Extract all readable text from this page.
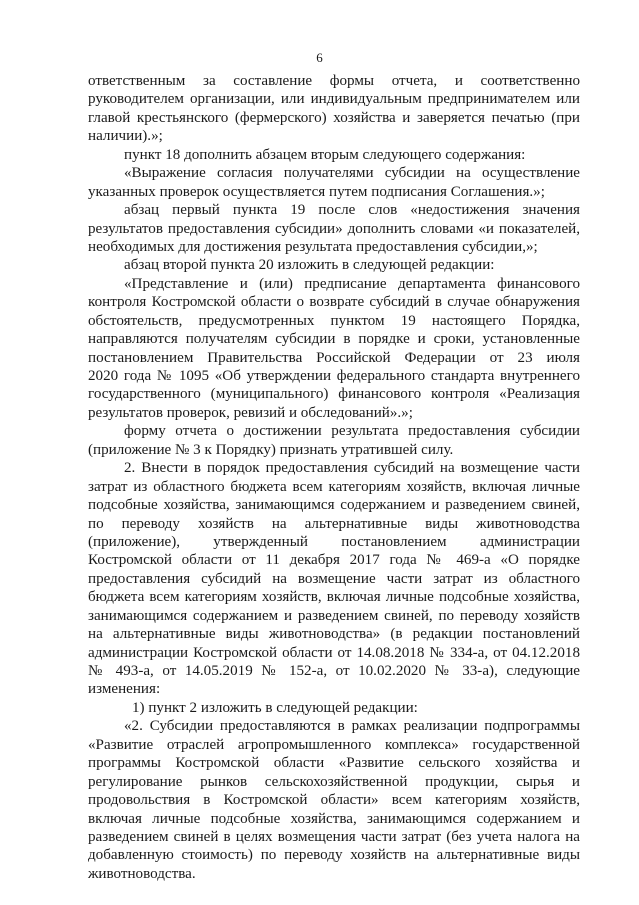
6
ответственным за составление формы отчета, и соответственно
руководителем организации, или индивидуальным предпринимателем или
главой крестьянского (фермерского) хозяйства и заверяется печатью (при
наличии).»;
пункт 18 дополнить абзацем вторым следующего содержания:
«Выражение согласия получателями субсидии на осуществление
указанных проверок осуществляется путем подписания Соглашения.»;
абзац первый пункта 19 после слов «недостижения значения
результатов предоставления субсидии» дополнить словами «и показателей,
необходимых для достижения результата предоставления субсидии,»;
абзац второй пункта 20 изложить в следующей редакции:
«Представление и (или) предписание департамента финансового
контроля Костромской области о возврате субсидий в случае обнаружения
обстоятельств, предусмотренных пунктом 19 настоящего Порядка,
направляются получателям субсидии в порядке и сроки, установленные
постановлением Правительства Российской Федерации от 23 июля
2020 года № 1095 «Об утверждении федерального стандарта внутреннего
государственного (муниципального) финансового контроля «Реализация
результатов проверок, ревизий и обследований».»;
форму отчета о достижении результата предоставления субсидии
(приложение № 3 к Порядку) признать утратившей силу.
2. Внести в порядок предоставления субсидий на возмещение части
затрат из областного бюджета всем категориям хозяйств, включая личные
подсобные хозяйства, занимающимся содержанием и разведением свиней,
по переводу хозяйств на альтернативные виды животноводства
(приложение), утвержденный постановлением администрации
Костромской области от 11 декабря 2017 года № 469-а «О порядке
предоставления субсидий на возмещение части затрат из областного
бюджета всем категориям хозяйств, включая личные подсобные хозяйства,
занимающимся содержанием и разведением свиней, по переводу хозяйств
на альтернативные виды животноводства» (в редакции постановлений
администрации Костромской области от 14.08.2018 № 334-а, от 04.12.2018
№ 493-а, от 14.05.2019 № 152-а, от 10.02.2020 № 33-а), следующие
изменения:
1) пункт 2 изложить в следующей редакции:
«2. Субсидии предоставляются в рамках реализации подпрограммы
«Развитие отраслей агропромышленного комплекса» государственной
программы Костромской области «Развитие сельского хозяйства и
регулирование рынков сельскохозяйственной продукции, сырья и
продовольствия в Костромской области» всем категориям хозяйств,
включая личные подсобные хозяйства, занимающимся содержанием и
разведением свиней в целях возмещения части затрат (без учета налога на
добавленную стоимость) по переводу хозяйств на альтернативные виды
животноводства.
